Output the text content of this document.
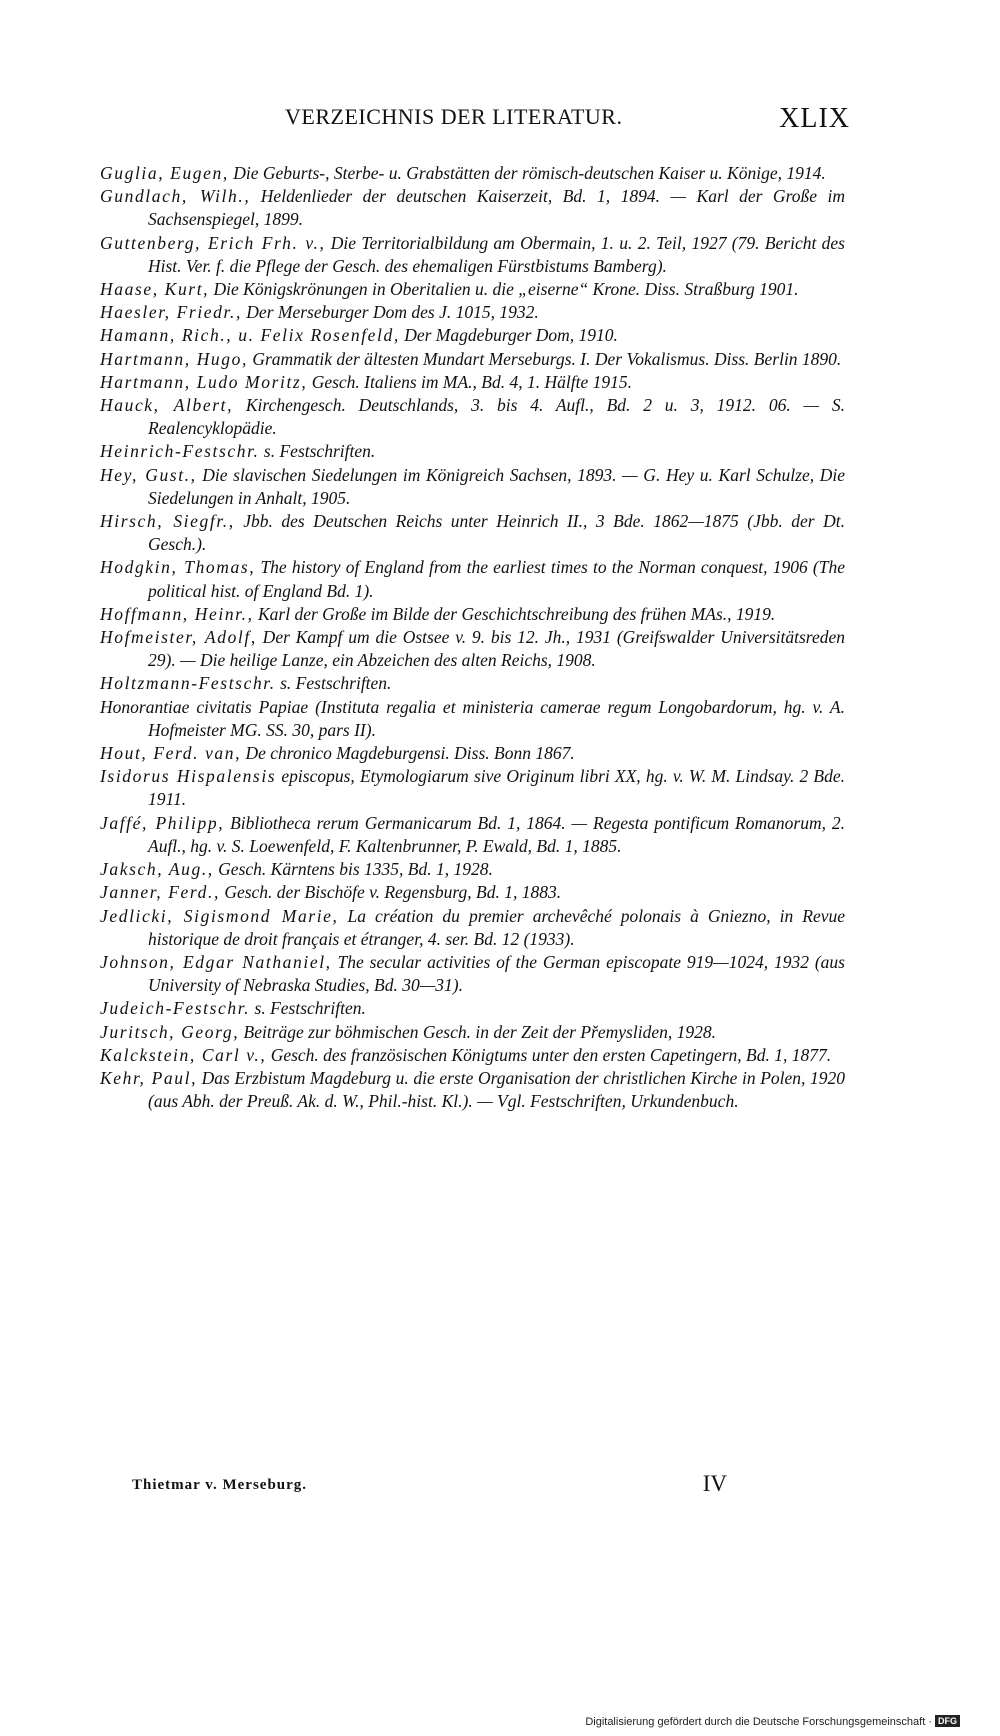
VERZEICHNIS DER LITERATUR.	XLIX

Guglia, Eugen, Die Geburts-, Sterbe- u. Grabstätten der römisch-deutschen Kaiser u. Könige, 1914.

Gundlach, Wilh., Heldenlieder der deutschen Kaiserzeit, Bd. 1, 1894. — Karl der Große im Sachsenspiegel, 1899.

Guttenberg, Erich Frh. v., Die Territorialbildung am Obermain, 1. u. 2. Teil, 1927 (79. Bericht des Hist. Ver. f. die Pflege der Gesch. des ehemaligen Fürstbistums Bamberg).

Haase, Kurt, Die Königskrönungen in Oberitalien u. die „eiserne“ Krone. Diss. Straßburg 1901.

Haesler, Friedr., Der Merseburger Dom des J. 1015, 1932.

Hamann, Rich., u. Felix Rosenfeld, Der Magdeburger Dom, 1910.

Hartmann, Hugo, Grammatik der ältesten Mundart Merseburgs. I. Der Vokalismus. Diss. Berlin 1890.

Hartmann, Ludo Moritz, Gesch. Italiens im MA., Bd. 4, 1. Hälfte 1915.

Hauck, Albert, Kirchengesch. Deutschlands, 3. bis 4. Aufl., Bd. 2 u. 3, 1912. 06. — S. Realencyklopädie.

Heinrich-Festschr. s. Festschriften.

Hey, Gust., Die slavischen Siedelungen im Königreich Sachsen, 1893. — G. Hey u. Karl Schulze, Die Siedelungen in Anhalt, 1905.

Hirsch, Siegfr., Jbb. des Deutschen Reichs unter Heinrich II., 3 Bde. 1862—1875 (Jbb. der Dt. Gesch.).

Hodgkin, Thomas, The history of England from the earliest times to the Norman conquest, 1906 (The political hist. of England Bd. 1).

Hoffmann, Heinr., Karl der Große im Bilde der Geschichtschreibung des frühen MAs., 1919.

Hofmeister, Adolf, Der Kampf um die Ostsee v. 9. bis 12. Jh., 1931 (Greifswalder Universitätsreden 29). — Die heilige Lanze, ein Abzeichen des alten Reichs, 1908.

Holtzmann-Festschr. s. Festschriften.

Honorantiae civitatis Papiae (Instituta regalia et ministeria camerae regum Longobardorum, hg. v. A. Hofmeister MG. SS. 30, pars II).

Hout, Ferd. van, De chronico Magdeburgensi. Diss. Bonn 1867.

Isidorus Hispalensis episcopus, Etymologiarum sive Originum libri XX, hg. v. W. M. Lindsay. 2 Bde. 1911.

Jaffé, Philipp, Bibliotheca rerum Germanicarum Bd. 1, 1864. — Regesta pontificum Romanorum, 2. Aufl., hg. v. S. Loewenfeld, F. Kaltenbrunner, P. Ewald, Bd. 1, 1885.

Jaksch, Aug., Gesch. Kärntens bis 1335, Bd. 1, 1928.

Janner, Ferd., Gesch. der Bischöfe v. Regensburg, Bd. 1, 1883.

Jedlicki, Sigismond Marie, La création du premier archevêché polonais à Gniezno, in Revue historique de droit français et étranger, 4. ser. Bd. 12 (1933).

Johnson, Edgar Nathaniel, The secular activities of the German episcopate 919—1024, 1932 (aus University of Nebraska Studies, Bd. 30—31).

Judeich-Festschr. s. Festschriften.

Juritsch, Georg, Beiträge zur böhmischen Gesch. in der Zeit der Přemysliden, 1928.

Kalckstein, Carl v., Gesch. des französischen Königtums unter den ersten Capetingern, Bd. 1, 1877.

Kehr, Paul, Das Erzbistum Magdeburg u. die erste Organisation der christlichen Kirche in Polen, 1920 (aus Abh. der Preuß. Ak. d. W., Phil.-hist. Kl.). — Vgl. Festschriften, Urkundenbuch.

Thietmar v. Merseburg.	IV
Digitalisierung gefördert durch die Deutsche Forschungsgemeinschaft · DFG
